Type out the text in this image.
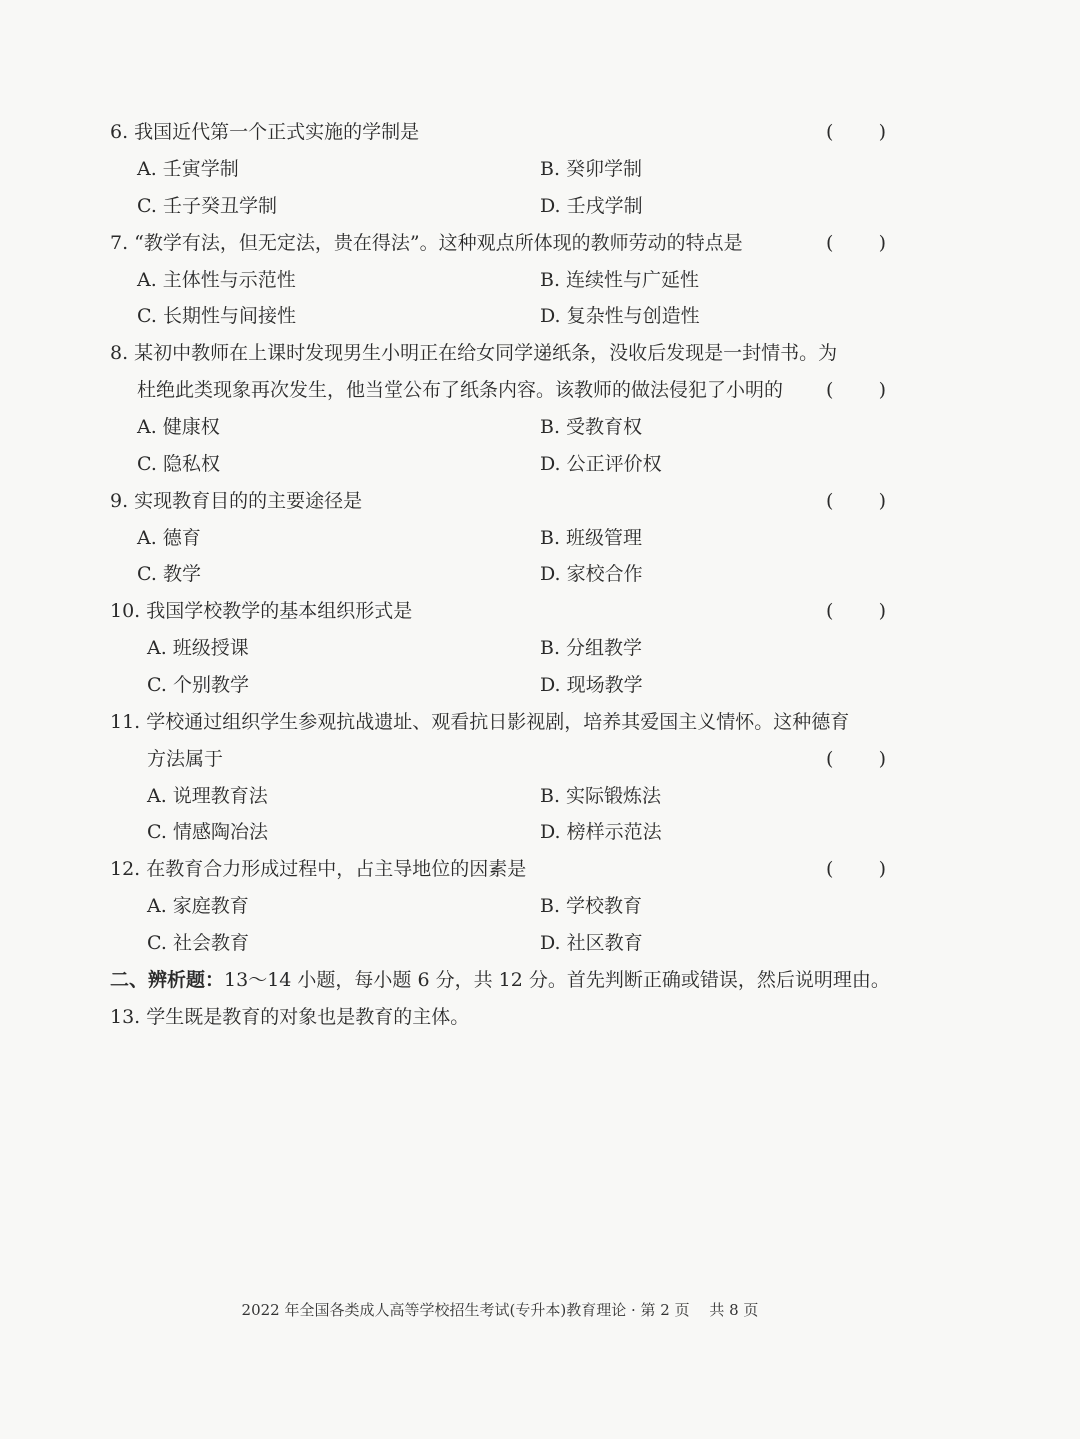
6. 我国近代第一个正式实施的学制是	( )
A. 壬寅学制	B. 癸卯学制
C. 壬子癸丑学制	D. 壬戌学制
7. “教学有法，但无定法，贵在得法”。这种观点所体现的教师劳动的特点是	( )
A. 主体性与示范性	B. 连续性与广延性
C. 长期性与间接性	D. 复杂性与创造性
8. 某初中教师在上课时发现男生小明正在给女同学递纸条，没收后发现是一封情书。为
杜绝此类现象再次发生，他当堂公布了纸条内容。该教师的做法侵犯了小明的	( )
A. 健康权	B. 受教育权
C. 隐私权	D. 公正评价权
9. 实现教育目的的主要途径是	( )
A. 德育	B. 班级管理
C. 教学	D. 家校合作
10. 我国学校教学的基本组织形式是	( )
A. 班级授课	B. 分组教学
C. 个别教学	D. 现场教学
11. 学校通过组织学生参观抗战遗址、观看抗日影视剧，培养其爱国主义情怀。这种德育
方法属于	( )
A. 说理教育法	B. 实际锻炼法
C. 情感陶冶法	D. 榜样示范法
12. 在教育合力形成过程中，占主导地位的因素是	( )
A. 家庭教育	B. 学校教育
C. 社会教育	D. 社区教育
二、辨析题：13～14 小题，每小题 6 分，共 12 分。首先判断正确或错误，然后说明理由。
13. 学生既是教育的对象也是教育的主体。
2022 年全国各类成人高等学校招生考试(专升本)教育理论 · 第 2 页　 共 8 页
